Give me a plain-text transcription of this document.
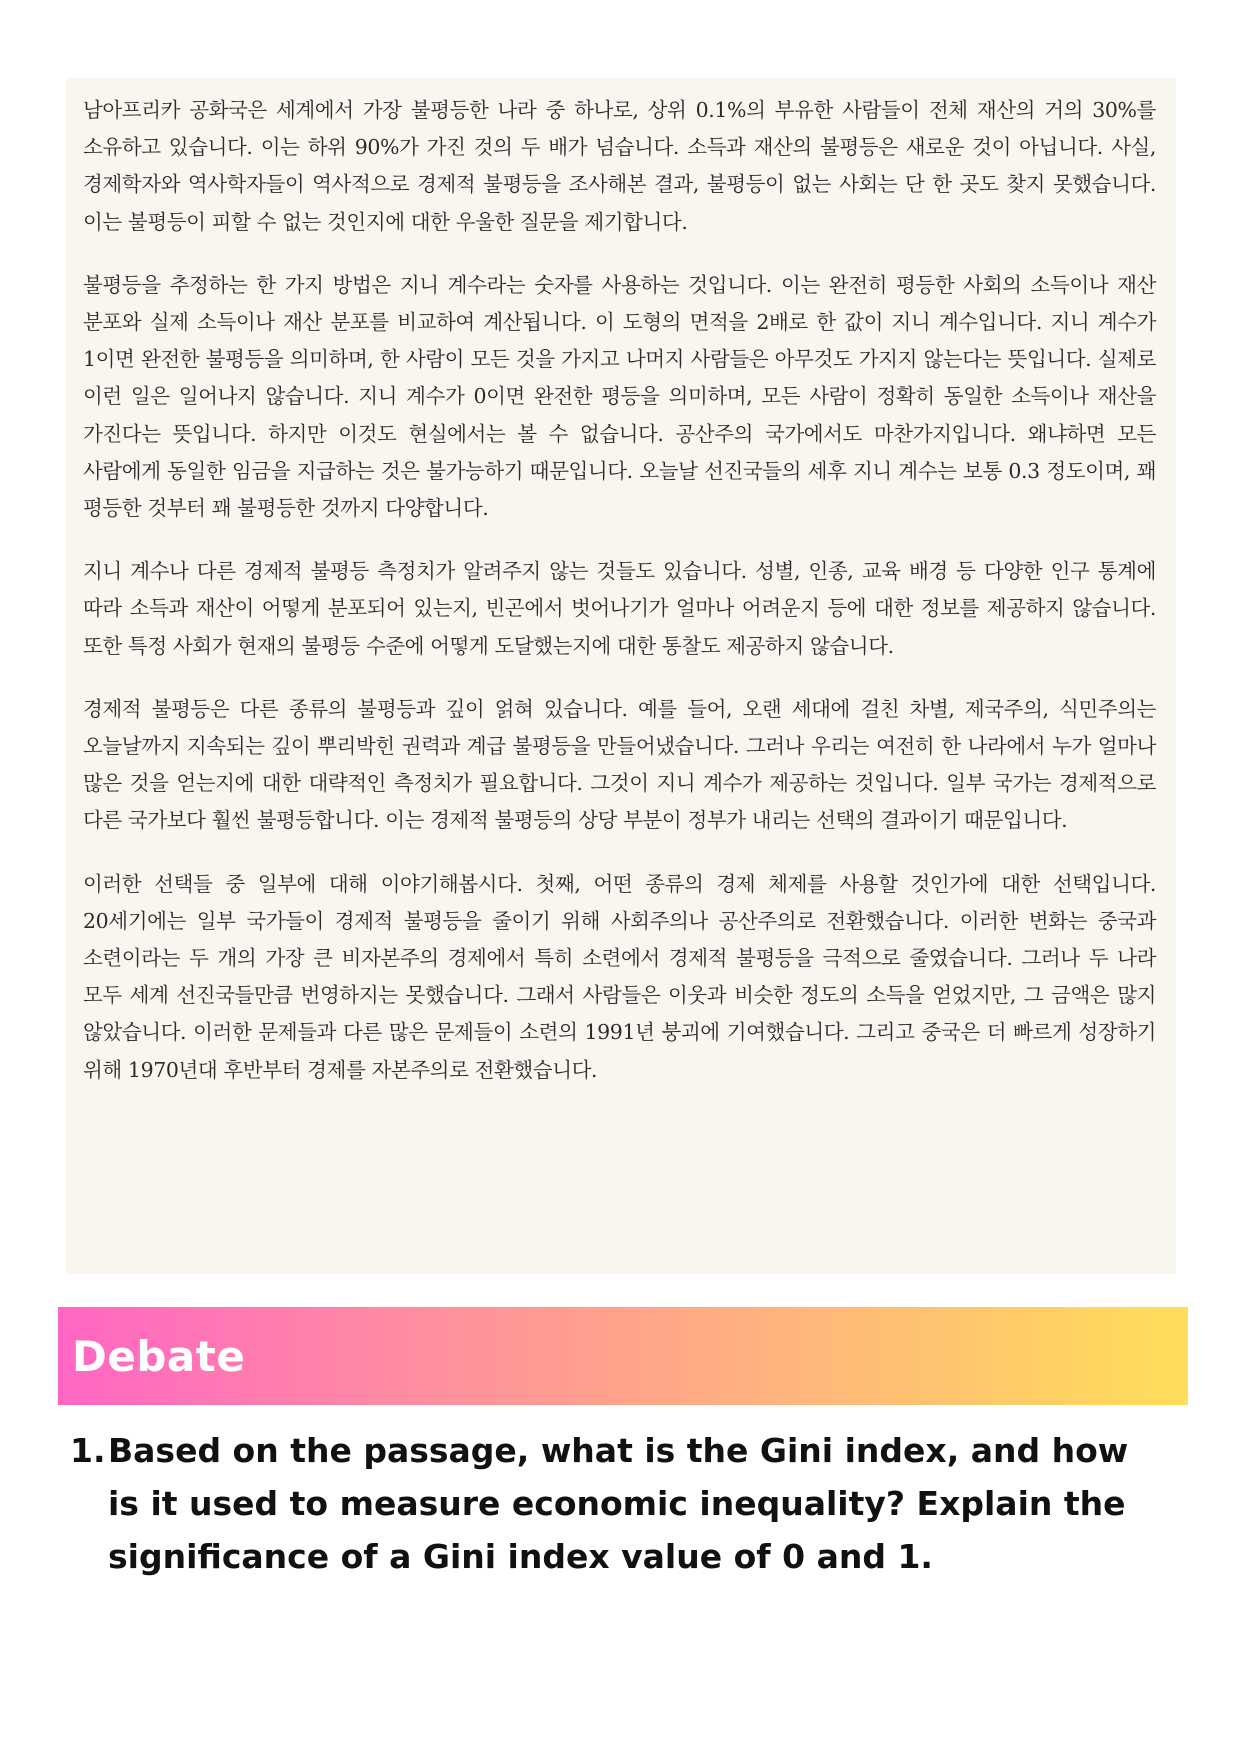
남아프리카 공화국은 세계에서 가장 불평등한 나라 중 하나로, 상위 0.1%의 부유한 사람들이 전체 재산의 거의 30%를 소유하고 있습니다. 이는 하위 90%가 가진 것의 두 배가 넘습니다. 소득과 재산의 불평등은 새로운 것이 아닙니다. 사실, 경제학자와 역사학자들이 역사적으로 경제적 불평등을 조사해본 결과, 불평등이 없는 사회는 단 한 곳도 찾지 못했습니다. 이는 불평등이 피할 수 없는 것인지에 대한 우울한 질문을 제기합니다.

불평등을 추정하는 한 가지 방법은 지니 계수라는 숫자를 사용하는 것입니다. 이는 완전히 평등한 사회의 소득이나 재산 분포와 실제 소득이나 재산 분포를 비교하여 계산됩니다. 이 도형의 면적을 2배로 한 값이 지니 계수입니다. 지니 계수가 1이면 완전한 불평등을 의미하며, 한 사람이 모든 것을 가지고 나머지 사람들은 아무것도 가지지 않는다는 뜻입니다. 실제로 이런 일은 일어나지 않습니다. 지니 계수가 0이면 완전한 평등을 의미하며, 모든 사람이 정확히 동일한 소득이나 재산을 가진다는 뜻입니다. 하지만 이것도 현실에서는 볼 수 없습니다. 공산주의 국가에서도 마찬가지입니다. 왜냐하면 모든 사람에게 동일한 임금을 지급하는 것은 불가능하기 때문입니다. 오늘날 선진국들의 세후 지니 계수는 보통 0.3 정도이며, 꽤 평등한 것부터 꽤 불평등한 것까지 다양합니다.

지니 계수나 다른 경제적 불평등 측정치가 알려주지 않는 것들도 있습니다. 성별, 인종, 교육 배경 등 다양한 인구 통계에 따라 소득과 재산이 어떻게 분포되어 있는지, 빈곤에서 벗어나기가 얼마나 어려운지 등에 대한 정보를 제공하지 않습니다. 또한 특정 사회가 현재의 불평등 수준에 어떻게 도달했는지에 대한 통찰도 제공하지 않습니다.

경제적 불평등은 다른 종류의 불평등과 깊이 얽혀 있습니다. 예를 들어, 오랜 세대에 걸친 차별, 제국주의, 식민주의는 오늘날까지 지속되는 깊이 뿌리박힌 권력과 계급 불평등을 만들어냈습니다. 그러나 우리는 여전히 한 나라에서 누가 얼마나 많은 것을 얻는지에 대한 대략적인 측정치가 필요합니다. 그것이 지니 계수가 제공하는 것입니다. 일부 국가는 경제적으로 다른 국가보다 훨씬 불평등합니다. 이는 경제적 불평등의 상당 부분이 정부가 내리는 선택의 결과이기 때문입니다.

이러한 선택들 중 일부에 대해 이야기해봅시다. 첫째, 어떤 종류의 경제 체제를 사용할 것인가에 대한 선택입니다. 20세기에는 일부 국가들이 경제적 불평등을 줄이기 위해 사회주의나 공산주의로 전환했습니다. 이러한 변화는 중국과 소련이라는 두 개의 가장 큰 비자본주의 경제에서 특히 소련에서 경제적 불평등을 극적으로 줄였습니다. 그러나 두 나라 모두 세계 선진국들만큼 번영하지는 못했습니다. 그래서 사람들은 이웃과 비슷한 정도의 소득을 얻었지만, 그 금액은 많지 않았습니다. 이러한 문제들과 다른 많은 문제들이 소련의 1991년 붕괴에 기여했습니다. 그리고 중국은 더 빠르게 성장하기 위해 1970년대 후반부터 경제를 자본주의로 전환했습니다.

Debate
1. Based on the passage, what is the Gini index, and how is it used to measure economic inequality? Explain the significance of a Gini index value of 0 and 1.
